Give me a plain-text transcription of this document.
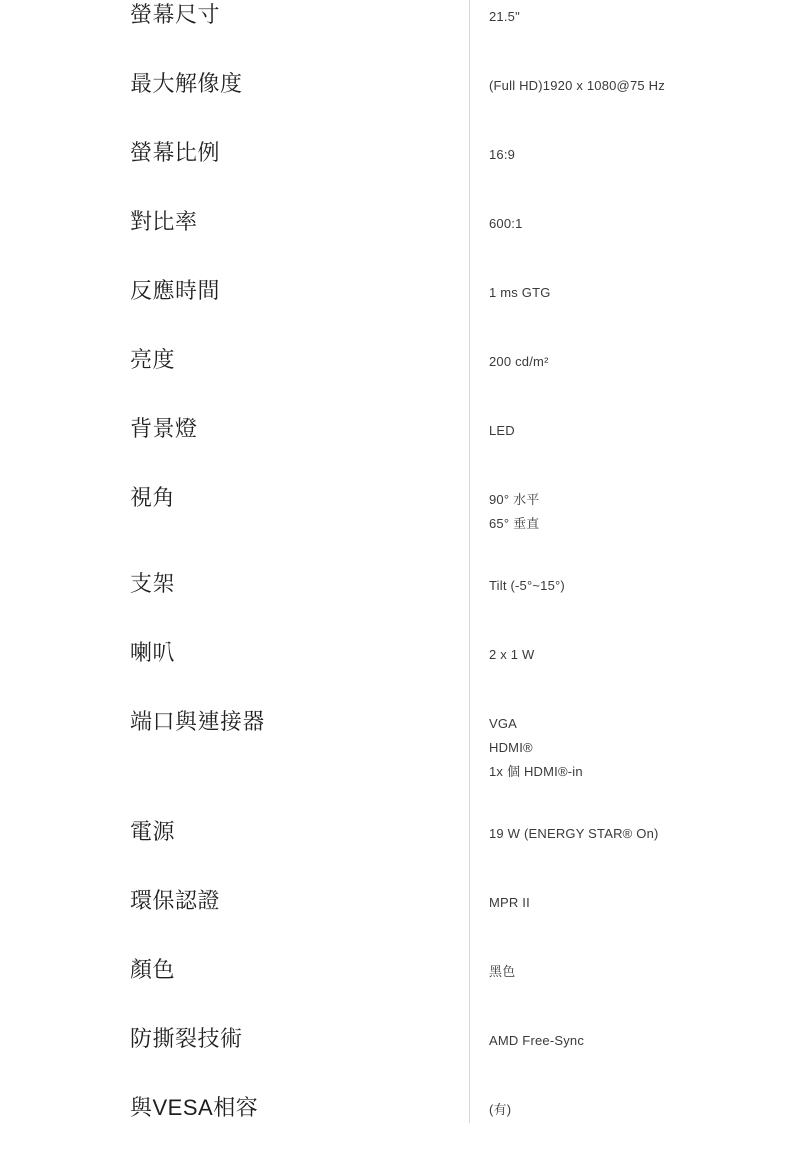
螢幕尺寸	21.5"
最大解像度	(Full HD)1920 x 1080@75 Hz
螢幕比例	16:9
對比率	600:1
反應時間	1 ms GTG
亮度	200 cd/m²
背景燈	LED
視角	90° 水平
65° 垂直
支架	Tilt (-5°~15°)
喇叭	2 x 1 W
端口與連接器	VGA
HDMI®
1x 個 HDMI®-in
電源	19 W (ENERGY STAR® On)
環保認證	MPR II
顏色	黑色
防撕裂技術	AMD Free-Sync
與VESA相容	(有)
